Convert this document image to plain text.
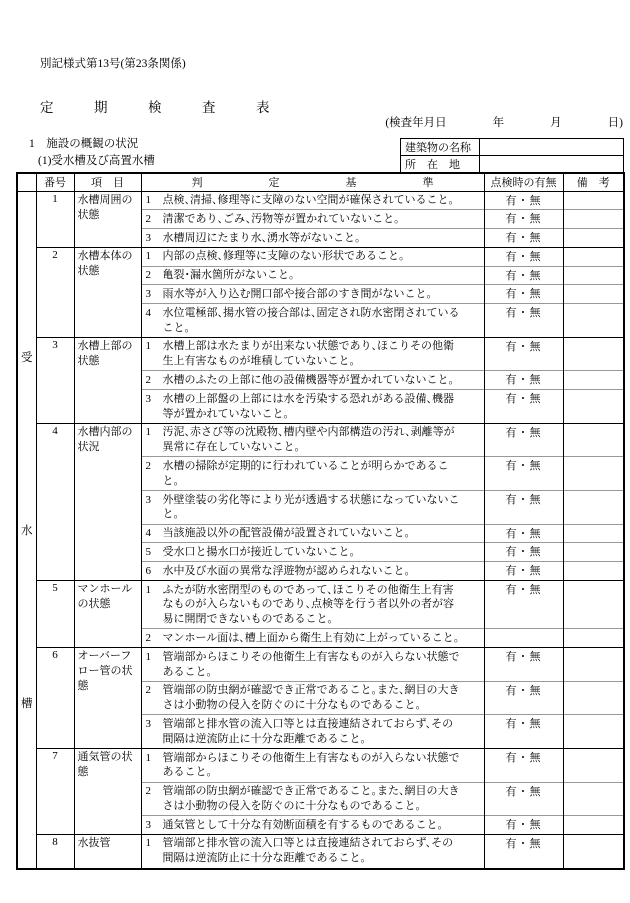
別記様式第13号(第23条関係)
定　　　期　　　検　　　査　　　表
(検査年月日　　　　年　　　　月　　　　日)
1　施設の概観の状況
(1)受水槽及び高置水槽
建築物の名称	
所　在　地	
	番号	項　目	判　　　　　　定　　　　　　基　　　　　　準	点検時の有無	備　考

受
水
槽	1	水槽周囲の状態	1 点検、清掃、修理等に支障のない空間が確保されていること。	有・無	

			2 清潔であり、ごみ、汚物等が置かれていないこと。	有・無	

			3 水槽周辺にたまり水、湧水等がないこと。	有・無	
	2	水槽本体の状態	1 内部の点検、修理等に支障のない形状であること。	有・無	

			2 亀裂・漏水箇所がないこと。	有・無	

			3 雨水等が入り込む開口部や接合部のすき間がないこと。	有・無	

			4 水位電極部、揚水管の接合部は、固定され防水密閉されていること。	有・無	
	3	水槽上部の状態	1 水槽上部は水たまりが出来ない状態であり、ほこりその他衛生上有害なものが堆積していないこと。	有・無	

			2 水槽のふたの上部に他の設備機器等が置かれていないこと。	有・無	

			3 水槽の上部盤の上部には水を汚染する恐れがある設備、機器等が置かれていないこと。	有・無	
	4	水槽内部の状況	1 汚泥、赤さび等の沈殿物、槽内壁や内部構造の汚れ、剥離等が異常に存在していないこと。	有・無	

			2 水槽の掃除が定期的に行われていることが明らかであること。	有・無	

			3 外壁塗装の劣化等により光が透過する状態になっていないこと。	有・無	

			4 当該施設以外の配管設備が設置されていないこと。	有・無	

			5 受水口と揚水口が接近していないこと。	有・無	

			6 水中及び水面の異常な浮遊物が認められないこと。	有・無	
	5	マンホールの状態	1 ふたが防水密閉型のものであって、ほこりその他衛生上有害なものが入らないものであり、点検等を行う者以外の者が容易に開閉できないものであること。	有・無	

			2 マンホール面は、槽上面から衛生上有効に上がっていること。		

	6	オーバーフロー管の状態	1 管端部からほこりその他衛生上有害なものが入らない状態であること。	有・無	

			2 管端部の防虫網が確認でき正常であること。また、網目の大きさは小動物の侵入を防ぐのに十分なものであること。	有・無	

			3 管端部と排水管の流入口等とは直接連結されておらず、その間隔は逆流防止に十分な距離であること。	有・無	
	7	通気管の状態	1 管端部からほこりその他衛生上有害なものが入らない状態であること。	有・無	

			2 管端部の防虫網が確認でき正常であること。また、網目の大きさは小動物の侵入を防ぐのに十分なものであること。	有・無	

			3 通気管として十分な有効断面積を有するものであること。	有・無	
	8	水抜管	1 管端部と排水管の流入口等とは直接連結されておらず、その間隔は逆流防止に十分な距離であること。	有・無	
